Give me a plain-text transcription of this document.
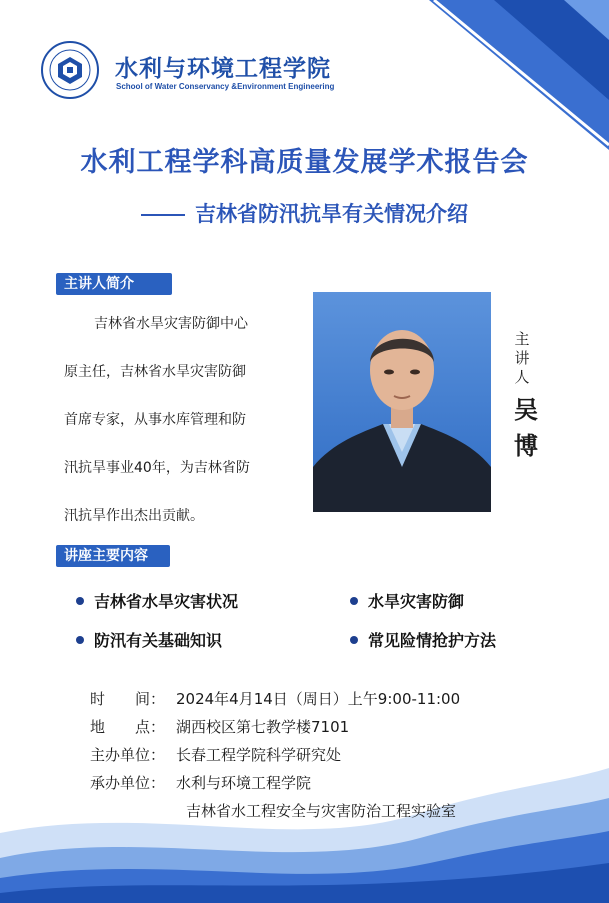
水利与环境工程学院
School of Water Conservancy &Environment Engineering
水利工程学科高质量发展学术报告会
吉林省防汛抗旱有关情况介绍
主讲人简介
吉林省水旱灾害防御中心
原主任，吉林省水旱灾害防御
首席专家，从事水库管理和防
汛抗旱事业40年，为吉林省防
汛抗旱作出杰出贡献。
主讲人
吴
博
讲座主要内容
吉林省水旱灾害状况	水旱灾害防御
防汛有关基础知识	常见险情抢护方法
时　　间： 2024年4月14日（周日）上午9:00-11:00
地　　点： 湖西校区第七教学楼7101
主办单位： 长春工程学院科学研究处
承办单位： 水利与环境工程学院
吉林省水工程安全与灾害防治工程实验室
